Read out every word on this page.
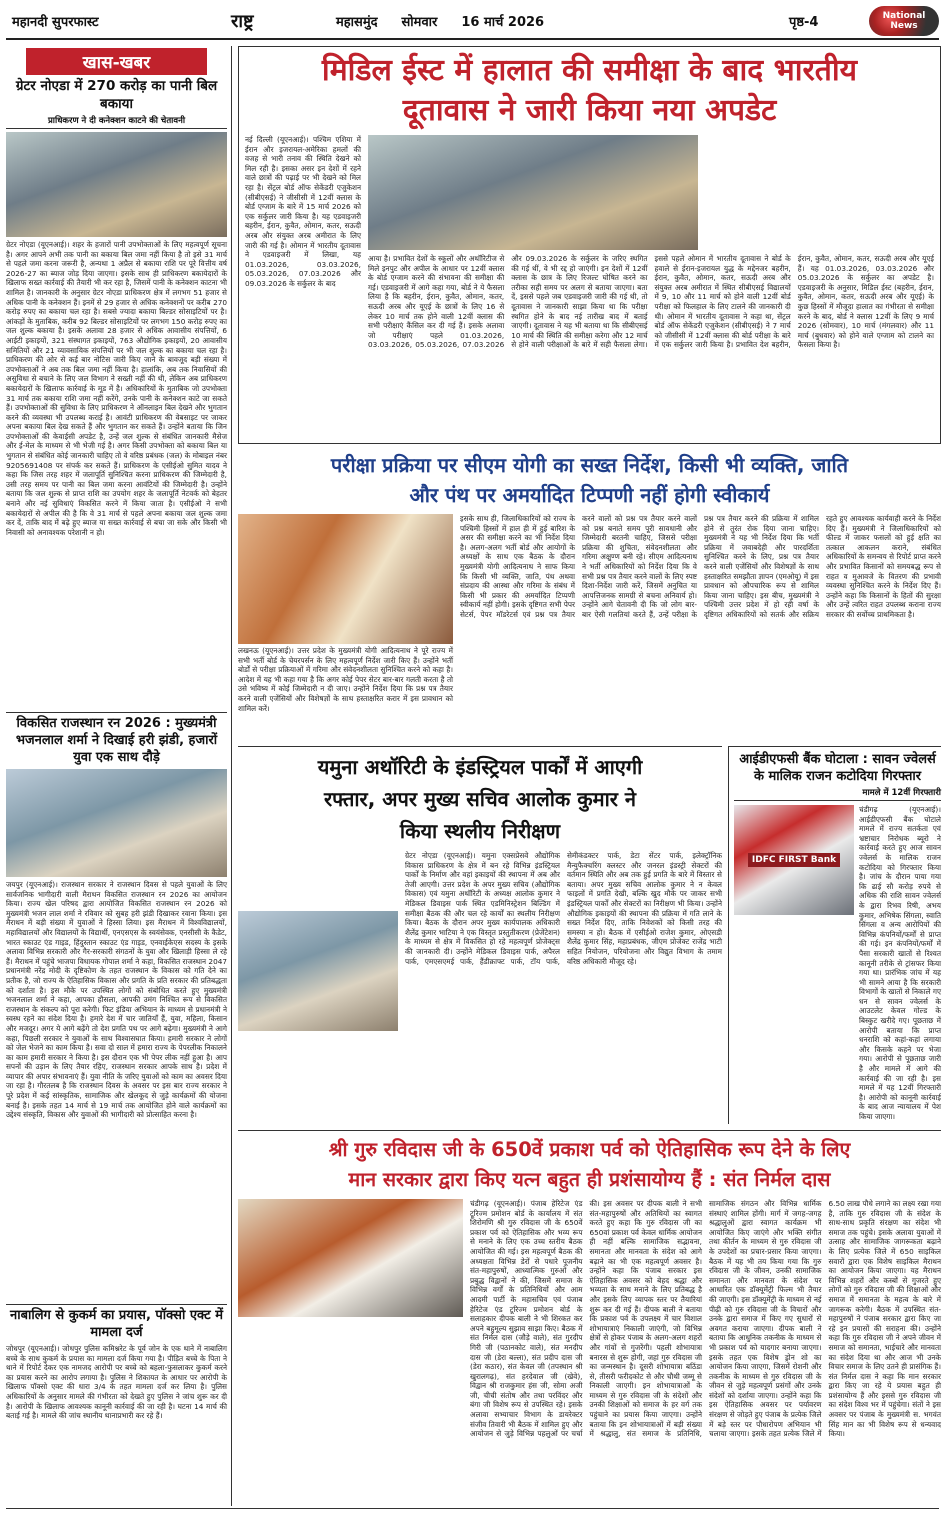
महानदी सुपरफास्ट	राष्ट्र	महासमुंद सोमवार 16 मार्च 2026	पृष्ठ-4	National News
खास-खबर
ग्रेटर नोएडा में 270 करोड़ का पानी बिल बकाया
प्राधिकरण ने दी कनेक्शन काटने की चेतावनी
ग्रेटर नोएडा (यूएनआई)। शहर के हजारों पानी उपभोक्ताओं के लिए महत्वपूर्ण सूचना है। अगर आपने अभी तक पानी का बकाया बिल जमा नहीं किया है तो इसे 31 मार्च से पहले जमा करना जरूरी है, अन्यथा 1 अप्रैल से बकाया राशि पर पूरे वित्तीय वर्ष 2026-27 का ब्याज जोड़ दिया जाएगा। इसके साथ ही प्राधिकरण बकायेदारों के खिलाफ सख्त कार्रवाई की तैयारी भी कर रहा है, जिसमें पानी के कनेक्शन काटना भी शामिल है। जानकारी के अनुसार ग्रेटर नोएडा प्राधिकरण क्षेत्र में लगभग 51 हजार से अधिक पानी के कनेक्शन हैं। इनमें से 29 हजार से अधिक कनेक्शनों पर करीब 270 करोड़ रुपए का बकाया चल रहा है। सबसे ज्यादा बकाया बिल्डर सोसाइटियों पर है। आंकड़ों के मुताबिक, करीब 92 बिल्डर सोसाइटियों पर लगभग 150 करोड़ रुपए का जल शुल्क बकाया है। इसके अलावा 28 हजार से अधिक आवासीय संपत्तियों, 6 आईटी इकाइयों, 321 संस्थागत इकाइयों, 763 औद्योगिक इकाइयों, 20 आवासीय समितियों और 21 व्यावसायिक संपत्तियों पर भी जल शुल्क का बकाया चल रहा है। प्राधिकरण की ओर से कई बार नोटिस जारी किए जाने के बावजूद बड़ी संख्या में उपभोक्ताओं ने अब तक बिल जमा नहीं किया है। हालांकि, अब तक निवासियों की असुविधा से बचाने के लिए जल विभाग ने सख्ती नहीं की थी, लेकिन अब प्राधिकरण बकायेदारों के खिलाफ कार्रवाई के मूड में है। अधिकारियों के मुताबिक जो उपभोक्ता 31 मार्च तक बकाया राशि जमा नहीं करेंगे, उनके पानी के कनेक्शन काटे जा सकते हैं। उपभोक्ताओं की सुविधा के लिए प्राधिकरण ने ऑनलाइन बिल देखने और भुगतान करने की व्यवस्था भी उपलब्ध कराई है। आवंटी प्राधिकरण की वेबसाइट पर जाकर अपना बकाया बिल देख सकते हैं और भुगतान कर सकते हैं। उन्होंने बताया कि जिन उपभोक्ताओं की केवाईसी अपडेट है, उन्हें जल शुल्क से संबंधित जानकारी मैसेज और ई-मेल के माध्यम से भी भेजी गई है। अगर किसी उपभोक्ता को बकाया बिल या भुगतान से संबंधित कोई जानकारी चाहिए तो वे वरिष्ठ प्रबंधक (जल) के मोबाइल नंबर 9205691408 पर संपर्क कर सकते हैं। प्राधिकरण के एसीईओ सुमित यादव ने कहा कि जिस तरह शहर में जलापूर्ति सुनिश्चित करना प्राधिकरण की जिम्मेदारी है, उसी तरह समय पर पानी का बिल जमा करना आवंटियों की जिम्मेदारी है। उन्होंने बताया कि जल शुल्क से प्राप्त राशि का उपयोग शहर के जलापूर्ति नेटवर्क को बेहतर बनाने और नई सुविधाएं विकसित करने में किया जाता है। एसीईओ ने सभी बकायेदारों से अपील की है कि वे 31 मार्च से पहले अपना बकाया जल शुल्क जमा कर दें, ताकि बाद में बढ़े हुए ब्याज या सख्त कार्रवाई से बचा जा सके और किसी भी निवासी को अनावश्यक परेशानी न हो।
विकसित राजस्थान रन 2026 : मुख्यमंत्री भजनलाल शर्मा ने दिखाई हरी झंडी, हजारों युवा एक साथ दौड़े
जयपुर (यूएनआई)। राजस्थान सरकार ने राजस्थान दिवस से पहले युवाओं के लिए सार्वजनिक भागीदारी वाली मैराथन विकसित राजस्थान रन 2026 का आयोजन किया। राज्य खेल परिषद द्वारा आयोजित विकसित राजस्थान रन 2026 को मुख्यमंत्री भजन लाल शर्मा ने रविवार को सुबह हरी झंडी दिखाकर रवाना किया। इस मैराथन में बड़ी संख्या में युवाओं ने हिस्सा लिया। इस मैराथन में विश्वविद्यालयों, महाविद्यालयों और विद्यालयों के विद्यार्थी, एनएसएस के स्वयंसेवक, एनसीसी के कैडेट, भारत स्काउट एंड गाइड, हिंदुस्तान स्काउट एंड गाइड, एनवाईकेएस सदस्य के इसके अलावा विभिन्न सरकारी और गैर-सरकारी संगठनों के युवा और खिलाड़ी हिस्सा ले रहे हैं। मैराथन में पहुंचे भाजपा विधायक गोपाल शर्मा ने कहा, विकसित राजस्थान 2047 प्रधानमंत्री नरेंद्र मोदी के दृष्टिकोण के तहत राजस्थान के विकास को गति देने का प्रतीक है, जो राज्य के ऐतिहासिक विकास और प्रगति के प्रति सरकार की प्रतिबद्धता को दर्शाता है। इस मौके पर उपस्थित लोगों को संबोधित करते हुए मुख्यमंत्री भजनलाल शर्मा ने कहा, आपका हौसला, आपकी उमंग निश्चित रूप से विकसित राजस्थान के संकल्प को पूरा करेगी। फिट इंडिया अभियान के माध्यम से प्रधानमंत्री ने स्वस्थ रहने का संदेश दिया है। हमारे देश में चार जातियाँ हैं, युवा, महिला, किसान और मजदूर। अगर ये आगे बढ़ेंगे तो देश प्रगति पथ पर आगे बढ़ेगा। मुख्यमंत्री ने आगे कहा, पिछली सरकार ने युवाओं के साथ विश्वासघात किया। हमारी सरकार ने लोगों को जेल भेजने का काम किया है। सवा दो साल में हमारा राज्य के पेपरलीक निकालने का काम हमारी सरकार ने किया है। इस दौरान एक भी पेपर लीक नहीं हुआ है। आप सपनों की उड़ान के लिए तैयार रहिए, राजस्थान सरकार आपके साथ है। प्रदेश में व्यापार की अपार संभावनाएं हैं। युवा नीति के जरिए युवाओं को काम का अवसर दिया जा रहा है। गौरतलब है कि राजस्थान दिवस के अवसर पर इस बार राज्य सरकार ने पूरे प्रदेश में कई सांस्कृतिक, सामाजिक और खेलकूद से जुड़े कार्यक्रमों की योजना बनाई है। इसके तहत 14 मार्च से 19 मार्च तक आयोजित होने वाले कार्यक्रमों का उद्देश्य संस्कृति, विकास और युवाओं की भागीदारी को प्रोत्साहित करना है।
नाबालिग से कुकर्म का प्रयास, पॉक्सो एक्ट में मामला दर्ज
जोधपुर (यूएनआई)। जोधपुर पुलिस कमिश्नरेट के पूर्व जोन के एक थाने में नाबालिग बच्चे के साथ कुकर्म के प्रयास का मामला दर्ज किया गया है। पीड़ित बच्चे के पिता ने थाने में रिपोर्ट देकर एक नामजद आरोपी पर बच्चे को बहला-फुसलाकर कुकर्म करने का प्रयास करने का आरोप लगाया है। पुलिस ने शिकायत के आधार पर आरोपी के खिलाफ पॉक्सो एक्ट की धारा 3/4 के तहत मामला दर्ज कर लिया है। पुलिस अधिकारियों के अनुसार मामले की गंभीरता को देखते हुए पुलिस ने जांच शुरू कर दी है। आरोपी के खिलाफ आवश्यक कानूनी कार्रवाई की जा रही है। घटना 14 मार्च की बताई गई है। मामले की जांच स्थानीय थानाप्रभारी कर रहे हैं।
मिडिल ईस्ट में हालात की समीक्षा के बाद भारतीय
दूतावास ने जारी किया नया अपडेट
नई दिल्ली (यूएनआई)। पश्चिम एशिया में ईरान और इजरायल-अमेरिका हमलों की वजह से भारी तनाव की स्थिति देखने को मिल रही है। इसका असर इन देशों में रहने वाले छात्रों की पढ़ाई पर भी देखने को मिल रहा है। सेंट्रल बोर्ड ऑफ सेकेंडरी एजुकेशन (सीबीएसई) ने जीसीसी में 12वीं क्लास के बोर्ड एग्जाम के बारे में 15 मार्च 2026 को एक सर्कुलर जारी किया है। यह एडवाइजरी बहरीन, ईरान, कुवैत, ओमान, कतर, सऊदी अरब और संयुक्त अरब अमीरात के लिए जारी की गई है। ओमान में भारतीय दूतावास ने एडवाइजरी में लिखा, यह 01.03.2026, 03.03.2026, 05.03.2026, 07.03.2026 और 09.03.2026 के सर्कुलर के बाद
आया है। प्रभावित देशों के स्कूलों और अथॉरिटीज से मिले इनपुट और अपील के आधार पर 12वीं क्लास के बोर्ड एग्जाम करने की संभावना की समीक्षा की गई। एडवाइजरी में आगे कहा गया, बोर्ड ने ये फैसला लिया है कि बहरीन, ईरान, कुवैत, ओमान, कतर, सऊदी अरब और यूएई के छात्रों के लिए 16 से लेकर 10 मार्च तक होने वाली 12वीं क्लास की सभी परीक्षाएं कैंसिल कर दी गई हैं। इसके अलावा जो परीक्षाएं पहले 01.03.2026, 03.03.2026, 05.03.2026, 07.03.2026 और 09.03.2026 के सर्कुलर के जरिए स्थगित की गई थीं, वे भी रद्द हो जाएंगी। इन देशों में 12वीं क्लास के छात्र के लिए रिजल्ट घोषित करने का तरीका सही समय पर अलग से बताया जाएगा। बता दें, इससे पहले जब एडवाइजरी जारी की गई थी, तो दूतावास ने जानकारी साझा किया था कि परीक्षा स्थगित होने के बाद नई तारीख बाद में बताई जाएगी। दूतावास ने यह भी बताया था कि सीबीएसई 10 मार्च की स्थिति की समीक्षा करेगा और 12 मार्च से होने वाली परीक्षाओं के बारे में सही फैसला लेगा। इससे पहले ओमान में भारतीय दूतावास ने बोर्ड के हवाले से ईरान-इजरायल युद्ध के मद्देनजर बहरीन, ईरान, कुवैत, ओमान, कतर, सऊदी अरब और संयुक्त अरब अमीरात में स्थित सीबीएसई विद्यालयों में 9, 10 और 11 मार्च को होने वाली 12वीं बोर्ड परीक्षा को फिलहाल के लिए टालने की जानकारी दी थी। ओमान में भारतीय दूतावास ने कहा था, सेंट्रल बोर्ड ऑफ सेकेंडरी एजुकेशन (सीबीएसई) ने 7 मार्च को जीसीसी में 12वीं क्लास की बोर्ड परीक्षा के बारे में एक सर्कुलर जारी किया है। प्रभावित देश बहरीन, ईरान, कुवैत, ओमान, कतर, सऊदी अरब और यूएई हैं। यह 01.03.2026, 03.03.2026 और 05.03.2026 के सर्कुलर का अपडेट है। एडवाइजरी के अनुसार, मिडिल ईस्ट (बहरीन, ईरान, कुवैत, ओमान, कतर, सऊदी अरब और यूएई) के कुछ हिस्सों में मौजूदा हालात का गंभीरता से समीक्षा करने के बाद, बोर्ड ने क्लास 12वीं के लिए 9 मार्च 2026 (सोमवार), 10 मार्च (मंगलवार) और 11 मार्च (बुधवार) को होने वाले एग्जाम को टालने का फैसला किया है।
परीक्षा प्रक्रिया पर सीएम योगी का सख्त निर्देश, किसी भी व्यक्ति, जाति
और पंथ पर अमर्यादित टिप्पणी नहीं होगी स्वीकार्य
लखनऊ (यूएनआई)। उत्तर प्रदेश के मुख्यमंत्री योगी आदित्यनाथ ने पूरे राज्य में सभी भर्ती बोर्ड के चेयरपर्सन के लिए महत्वपूर्ण निर्देश जारी किए हैं। उन्होंने भर्ती बोर्डों से परीक्षा प्रक्रियाओं में गरिमा और संवेदनशीलता सुनिश्चित करने को कहा है। आदेश में यह भी कहा गया है कि अगर कोई पेपर सेटर बार-बार गलती करता है तो उसे भविष्य में कोई जिम्मेदारी न दी जाए। उन्होंने निर्देश दिया कि प्रश्न पत्र तैयार करने वाली एजेंसियों और विशेषज्ञों के साथ हस्ताक्षरित करार में इस प्रावधान को शामिल करें।
इसके साथ ही, जिलाधिकारियों को राज्य के पश्चिमी हिस्सों में हाल ही में हुई बारिश के असर की समीक्षा करने का भी निर्देश दिया है। अलग-अलग भर्ती बोर्ड और आयोगों के अध्यक्षों के साथ एक बैठक के दौरान मुख्यमंत्री योगी आदित्यनाथ ने साफ किया कि किसी भी व्यक्ति, जाति, पंथ अथवा संप्रदाय की आस्था और गरिमा के संबंध में किसी भी प्रकार की अमर्यादित टिप्पणी स्वीकार्य नहीं होगी। इसके दृष्टिगत सभी पेपर सेटर्स, पेपर मॉडरेटर्स एवं प्रश्न पत्र तैयार करने वालों को प्रश्न पत्र तैयार करने वालों को प्रश्न बनाते समय पूरी सावधानी और जिम्मेदारी बरतनी चाहिए, जिससे परीक्षा प्रक्रिया की शुचिता, संवेदनशीलता और गरिमा अक्षुण्ण बनी रहे। सीएम आदित्यनाथ ने भर्ती अधिकारियों को निर्देश दिया कि वे सभी प्रश्न पत्र तैयार करने वालों के लिए स्पष्ट दिशा-निर्देश जारी करें, जिसमें अनुचित या आपत्तिजनक सामग्री से बचना अनिवार्य हो। उन्होंने आगे चेतावनी दी कि जो लोग बार-बार ऐसी गलतियां करते हैं, उन्हें परीक्षा के प्रश्न पत्र तैयार करने की प्रक्रिया में शामिल होने से तुरंत रोक दिया जाना चाहिए। मुख्यमंत्री ने यह भी निर्देश दिया कि भर्ती प्रक्रिया में जवाबदेही और पारदर्शिता सुनिश्चित करने के लिए, प्रश्न पत्र तैयार करने वाली एजेंसियों और विशेषज्ञों के साथ हस्ताक्षरित समझौता ज्ञापन (एमओयू) में इस प्रावधान को औपचारिक रूप से शामिल किया जाना चाहिए। इस बीच, मुख्यमंत्री ने पश्चिमी उत्तर प्रदेश में हो रही वर्षा के दृष्टिगत अधिकारियों को सतर्क और सक्रिय रहते हुए आवश्यक कार्यवाही करने के निर्देश दिए हैं। मुख्यमंत्री ने जिलाधिकारियों को फील्ड में जाकर फसलों को हुई क्षति का तत्काल आकलन कराने, संबंधित अधिकारियों के समन्वय से रिपोर्ट प्राप्त करने और प्रभावित किसानों को समयबद्ध रूप से राहत व मुआवजे के वितरण की प्रभावी व्यवस्था सुनिश्चित करने के निर्देश दिए हैं। उन्होंने कहा कि किसानों के हितों की सुरक्षा और उन्हें त्वरित राहत उपलब्ध कराना राज्य सरकार की सर्वोच्च प्राथमिकता है।
यमुना अथॉरिटी के इंडस्ट्रियल पार्कों में आएगी
रफ्तार, अपर मुख्य सचिव आलोक कुमार ने
किया स्थलीय निरीक्षण
ग्रेटर नोएडा (यूएनआई)। यमुना एक्सप्रेसवे औद्योगिक विकास प्राधिकरण के क्षेत्र में बन रहे विभिन्न इंडस्ट्रियल पार्कों के निर्माण और वहां इकाइयों की स्थापना में अब और तेजी आएगी। उत्तर प्रदेश के अपर मुख्य सचिव (औद्योगिक विकास) एवं यमुना अथॉरिटी के अध्यक्ष आलोक कुमार ने मेडिकल डिवाइस पार्क स्थित एडमिनिस्ट्रेशन बिल्डिंग में समीक्षा बैठक की और चल रहे कार्यों का स्थलीय निरीक्षण किया। बैठक के दौरान अपर मुख्य कार्यपालक अधिकारी शैलेंद्र कुमार भाटिया ने एक विस्तृत प्रस्तुतीकरण (प्रेजेंटेशन) के माध्यम से क्षेत्र में विकसित हो रहे महत्वपूर्ण प्रोजेक्ट्स की जानकारी दी। उन्होंने मेडिकल डिवाइस पार्क, अपैरल पार्क, एमएसएमई पार्क, हैंडीक्राफ्ट पार्क, टॉय पार्क, सेमीकंडक्टर पार्क, डेटा सेंटर पार्क, इलेक्ट्रॉनिक मैन्युफैक्चरिंग क्लस्टर और जनरल इंडस्ट्री सेक्टरों की वर्तमान स्थिति और अब तक हुई प्रगति के बारे में विस्तार से बताया। अपर मुख्य सचिव आलोक कुमार ने न केवल फाइलों में प्रगति देखी, बल्कि खुद मौके पर जाकर सभी इंडस्ट्रियल पार्कों और सेक्टरों का निरीक्षण भी किया। उन्होंने औद्योगिक इकाइयों की स्थापना की प्रक्रिया में गति लाने के सख्त निर्देश दिए, ताकि निवेशकों को किसी तरह की समस्या न हो। बैठक में एसीईओ राजेश कुमार, ओएसडी शैलेंद्र कुमार सिंह, महाप्रबंधक, जीएम प्रोजेक्ट राजेंद्र भाटी सहित नियोजन, परियोजना और विद्युत विभाग के तमाम वरिष्ठ अधिकारी मौजूद रहे।
आईडीएफसी बैंक घोटाला : सावन ज्वेलर्स के मालिक राजन कटोदिया गिरफ्तार
मामले में 12वीं गिरफ्तारी
IDFC FIRST Bank
चंडीगढ़ (यूएनआई)। आईडीएफसी बैंक घोटाले मामले में राज्य सतर्कता एवं भ्रष्टाचार निरोधक ब्यूरो ने कार्रवाई करते हुए आज सावन ज्वेलर्स के मालिक राजन कटोदिया को गिरफ्तार किया है। जांच के दौरान पाया गया कि ढाई सौ करोड़ रुपये से अधिक की राशि सावन ज्वेलर्स के द्वारा रिभव रिषी, अभय कुमार, अभिषेक सिंगला, स्वाति सिंगला व अन्य आरोपियों की विभिन्न कंपनियों/फर्मों से प्राप्त की गई। इन कंपनियों/फर्मों में पैसा सरकारी खातों से रिश्वत कानूनी तरीके से ट्रांसफर किया गया था। प्रारंभिक जांच में यह भी सामने आया है कि सरकारी विभागों के खातों से निकाले गए धन से सावन ज्वेलर्स के आउटलेट केवल गोल्ड के बिस्कुट खरीदे गए। पूछताछ में आरोपी बताया कि प्राप्त धनराशि को कहां-कहां लगाया और किसके कहने पर भेजा गया। आरोपी से पूछताछ जारी है और मामले में आगे की कार्रवाई की जा रही है। इस मामले में यह 12वीं गिरफ्तारी है। आरोपी को कानूनी कार्रवाई के बाद आज न्यायालय में पेश किया जाएगा।
श्री गुरु रविदास जी के 650वें प्रकाश पर्व को ऐतिहासिक रूप देने के लिए
मान सरकार द्वारा किए यत्न बहुत ही प्रशंसायोग्य हैं : संत निर्मल दास
चंडीगढ़ (यूएनआई)। पंजाब हेरिटेज एंड टूरिज्म प्रमोशन बोर्ड के कार्यालय में संत शिरोमणि श्री गुरु रविदास जी के 650वें प्रकाश पर्व को ऐतिहासिक और भव्य रूप से मनाने के लिए एक उच्च स्तरीय बैठक आयोजित की गई। इस महत्वपूर्ण बैठक की अध्यक्षता विभिन्न डेरों से पधारे पूजनीय संत-महापुरुषों, आध्यात्मिक गुरुओं और प्रबुद्ध विद्वानों ने की, जिसमें समाज के विभिन्न वर्गों के प्रतिनिधियों और आम आदमी पार्टी के महासचिव एवं पंजाब हेरिटेज एंड टूरिज्म प्रमोशन बोर्ड के सलाहकार दीपक बाली ने भी शिरकत कर अपने बहुमूल्य सुझाव साझा किए। बैठक में संत निर्मल दास (जौड़े वाले), संत गुरदीप गिरी जी (पठानकोट वाले), संत मनदीप दास जी (डेरा बल्ला), संत प्रदीप दास जी (डेरा कठार), संत केवल जी (तपस्थान श्री खुरालगढ़), संत हरदेवाल जी (खेवे), विद्वान श्री राजकुमार हंस जी, सोमा अजी जी, चीची संतोष और तथा परविंदर और बंगा जी विशेष रूप से उपस्थित रहे। इसके अलावा सभ्याचार विभाग के डायरेक्टर संजीव तिवारी भी बैठक में शामिल हुए और आयोजन से जुड़े विभिन्न पहलुओं पर चर्चा की। इस अवसर पर दीपक बाली ने सभी संत-महापुरुषों और अतिथियों का स्वागत करते हुए कहा कि गुरु रविदास जी का 650वां प्रकाश पर्व केवल धार्मिक आयोजन ही नहीं बल्कि सामाजिक सद्भावना, समानता और मानवता के संदेश को आगे बढ़ाने का भी एक महत्वपूर्ण अवसर है। उन्होंने कहा कि पंजाब सरकार इस ऐतिहासिक अवसर को बेहद श्रद्धा और भव्यता के साथ मनाने के लिए प्रतिबद्ध है और इसके लिए व्यापक स्तर पर तैयारियां शुरू कर दी गई हैं। दीपक बाली ने बताया कि प्रकाश पर्व के उपलक्ष्य में चार विशाल शोभायात्राएं निकाली जाएंगी, जो विभिन्न क्षेत्रों से होकर पंजाब के अलग-अलग शहरों और गांवों से गुजरेंगी। पहली शोभायात्रा बनारस से शुरू होगी, जहां गुरु रविदास जी का जन्मस्थान है। दूसरी शोभायात्रा बठिंडा से, तीसरी फरीदकोट से और चौथी जम्मू से निकाली जाएगी। इन शोभायात्राओं के माध्यम से गुरु रविदास जी के संदेशों और उनकी शिक्षाओं को समाज के हर वर्ग तक पहुंचाने का प्रयास किया जाएगा। उन्होंने बताया कि इन शोभायात्राओं में बड़ी संख्या में श्रद्धालु, संत समाज के प्रतिनिधि, सामाजिक संगठन और विभिन्न धार्मिक संस्थाएं शामिल होंगी। मार्ग में जगह-जगह श्रद्धालुओं द्वारा स्वागत कार्यक्रम भी आयोजित किए जाएंगे और भक्ति संगीत तथा कीर्तन के माध्यम से गुरु रविदास जी के उपदेशों का प्रचार-प्रसार किया जाएगा। बैठक में यह भी तय किया गया कि गुरु रविदास जी के जीवन, उनकी सामाजिक समानता और मानवता के संदेश पर आधारित एक डॉक्यूमेंट्री फिल्म भी तैयार की जाएगी। इस डॉक्यूमेंट्री के माध्यम से नई पीढ़ी को गुरु रविदास जी के विचारों और उनके द्वारा समाज में किए गए सुधारों से अवगत कराया जाएगा। दीपक बाली ने बताया कि आधुनिक तकनीक के माध्यम से भी प्रकाश पर्व को यादगार बनाया जाएगा। इसके तहत एक विशेष ड्रोन शो का आयोजन किया जाएगा, जिसमें रोशनी और तकनीक के माध्यम से गुरु रविदास जी के जीवन से जुड़े महत्वपूर्ण प्रसंगों और उनके संदेशों को दर्शाया जाएगा। उन्होंने कहा कि इस ऐतिहासिक अवसर पर पर्यावरण संरक्षण से जोड़ते हुए पंजाब के प्रत्येक जिले में बड़े स्तर पर पौधारोपण अभियान भी चलाया जाएगा। इसके तहत प्रत्येक जिले में 6.50 लाख पौधे लगाने का लक्ष्य रखा गया है, ताकि गुरु रविदास जी के संदेश के साथ-साथ प्रकृति संरक्षण का संदेश भी समाज तक पहुंचे। इसके अलावा युवाओं में उत्साह और सामाजिक जागरूकता बढ़ाने के लिए प्रत्येक जिले में 650 साइकिल सवारों द्वारा एक विशेष साइकिल मैराथन का आयोजन किया जाएगा। यह मैराथन विभिन्न शहरों और कस्बों से गुजरते हुए लोगों को गुरु रविदास जी की शिक्षाओं और समाज में समानता के महत्व के बारे में जागरूक करेगी। बैठक में उपस्थित संत-महापुरुषों ने पंजाब सरकार द्वारा किए जा रहे इन प्रयासों की सराहना की। उन्होंने कहा कि गुरु रविदास जी ने अपने जीवन में समाज को समानता, भाईचारे और मानवता का संदेश दिया था और आज भी उनके विचार समाज के लिए उतने ही प्रासंगिक हैं। संत निर्मल दास ने कहा कि मान सरकार द्वारा किए जा रहे ये प्रयास बहुत ही प्रशंसायोग्य हैं और इससे गुरु रविदास जी का संदेश विश्व भर में पहुंचेगा। संतों ने इस अवसर पर पंजाब के मुख्यमंत्री स. भगवंत सिंह मान का भी विशेष रूप से धन्यवाद किया।
